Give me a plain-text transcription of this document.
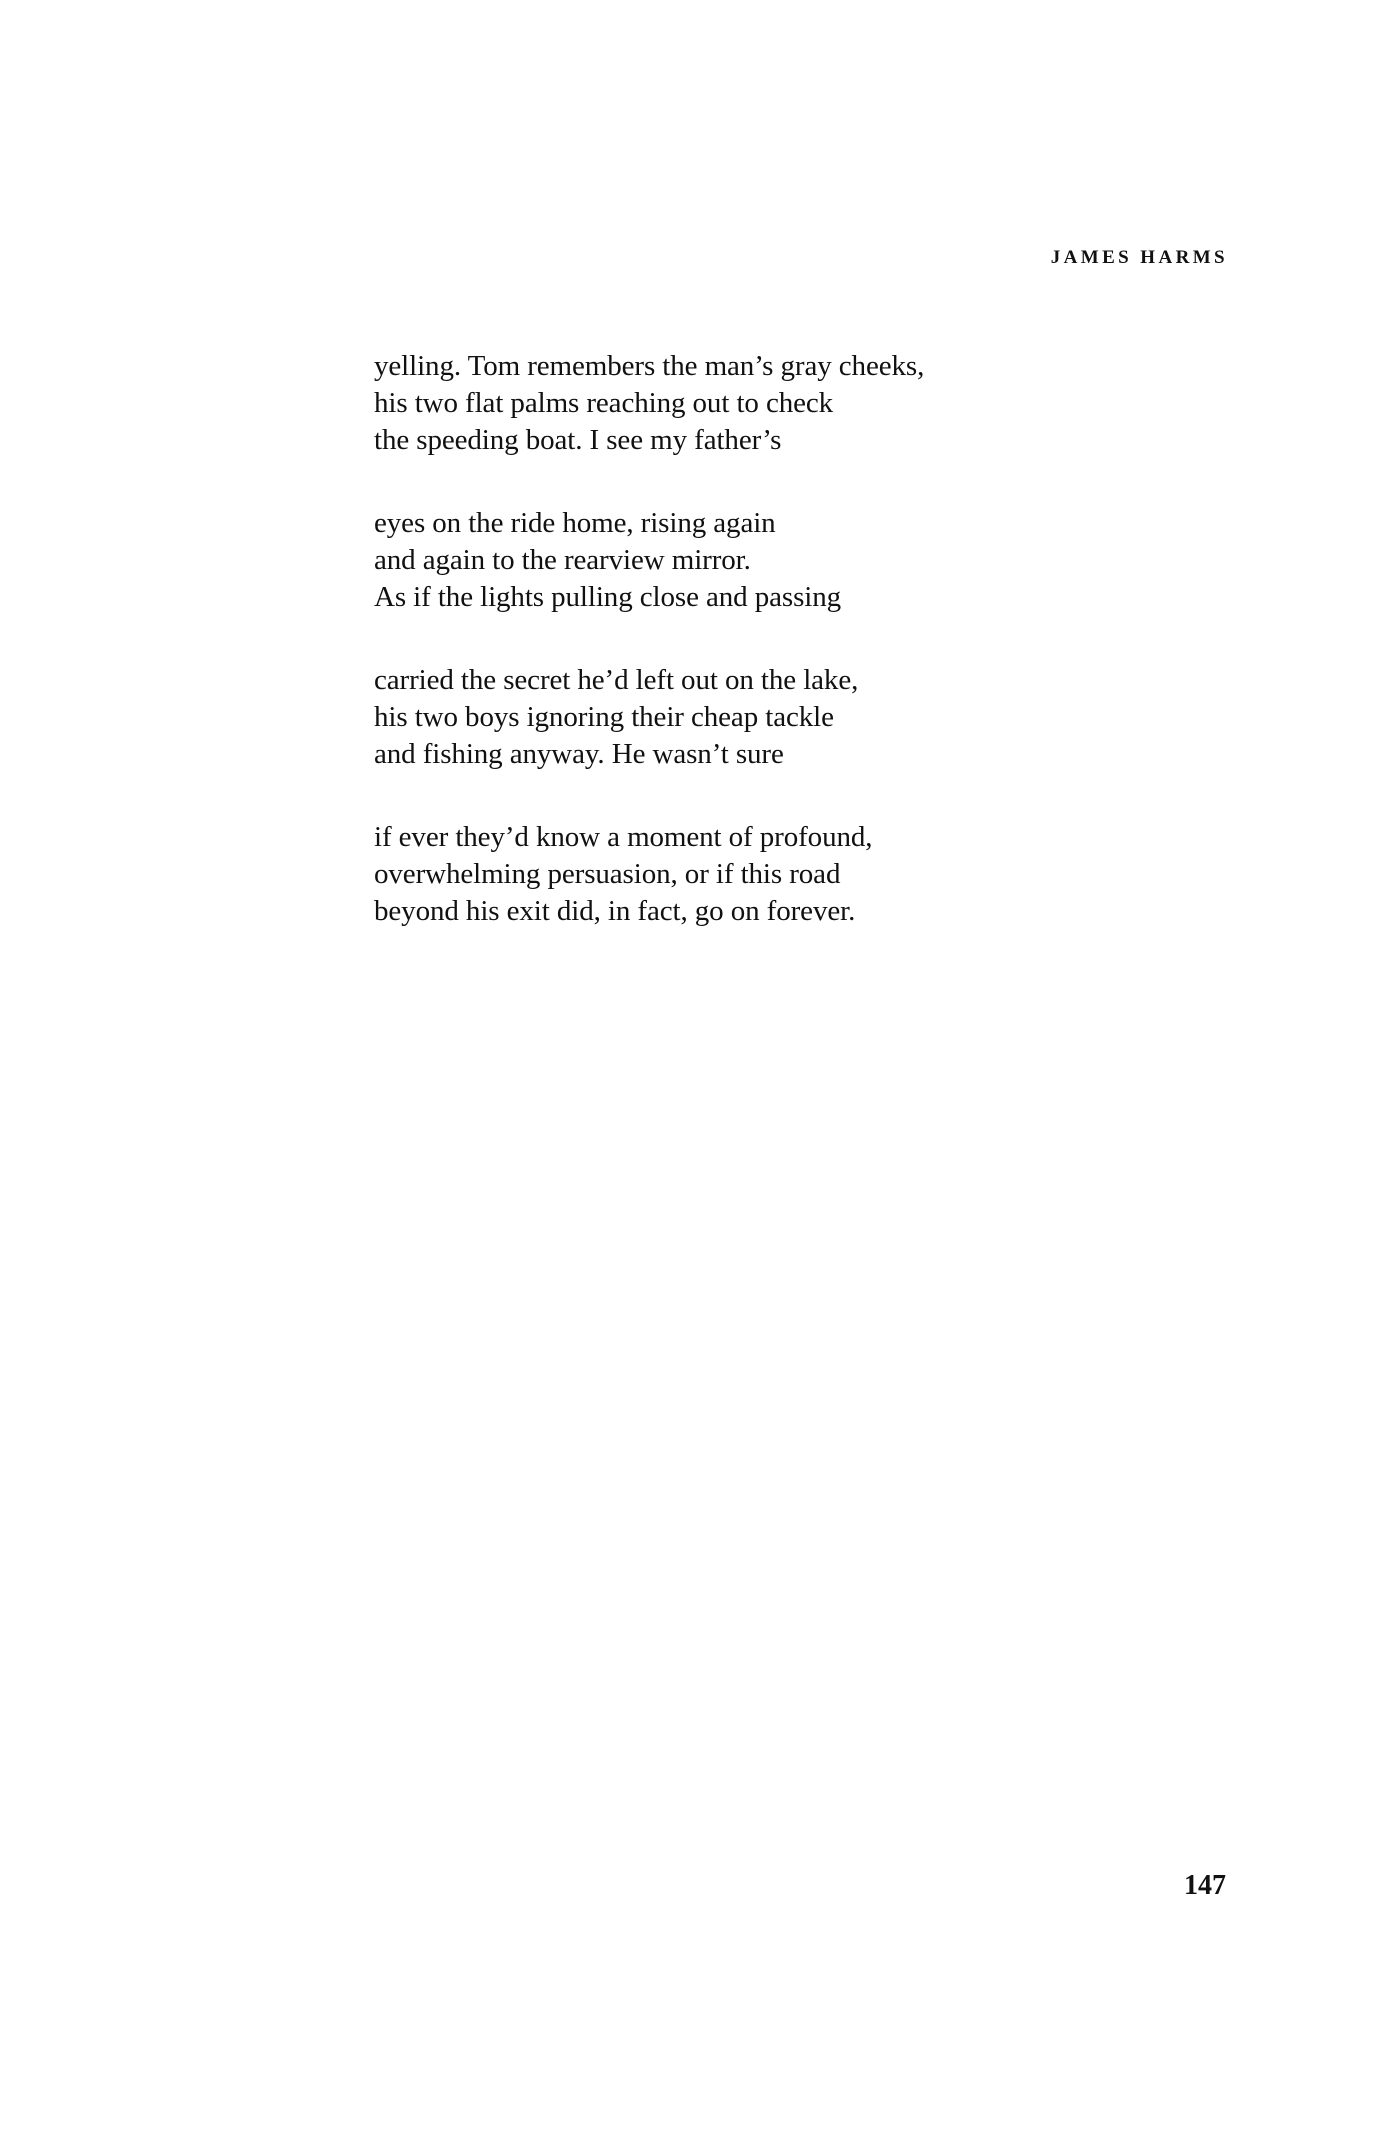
JAMES HARMS
yelling. Tom remembers the man’s gray cheeks,
his two flat palms reaching out to check
the speeding boat. I see my father’s
eyes on the ride home, rising again
and again to the rearview mirror.
As if the lights pulling close and passing
carried the secret he’d left out on the lake,
his two boys ignoring their cheap tackle
and fishing anyway. He wasn’t sure
if ever they’d know a moment of profound,
overwhelming persuasion, or if this road
beyond his exit did, in fact, go on forever.
147
